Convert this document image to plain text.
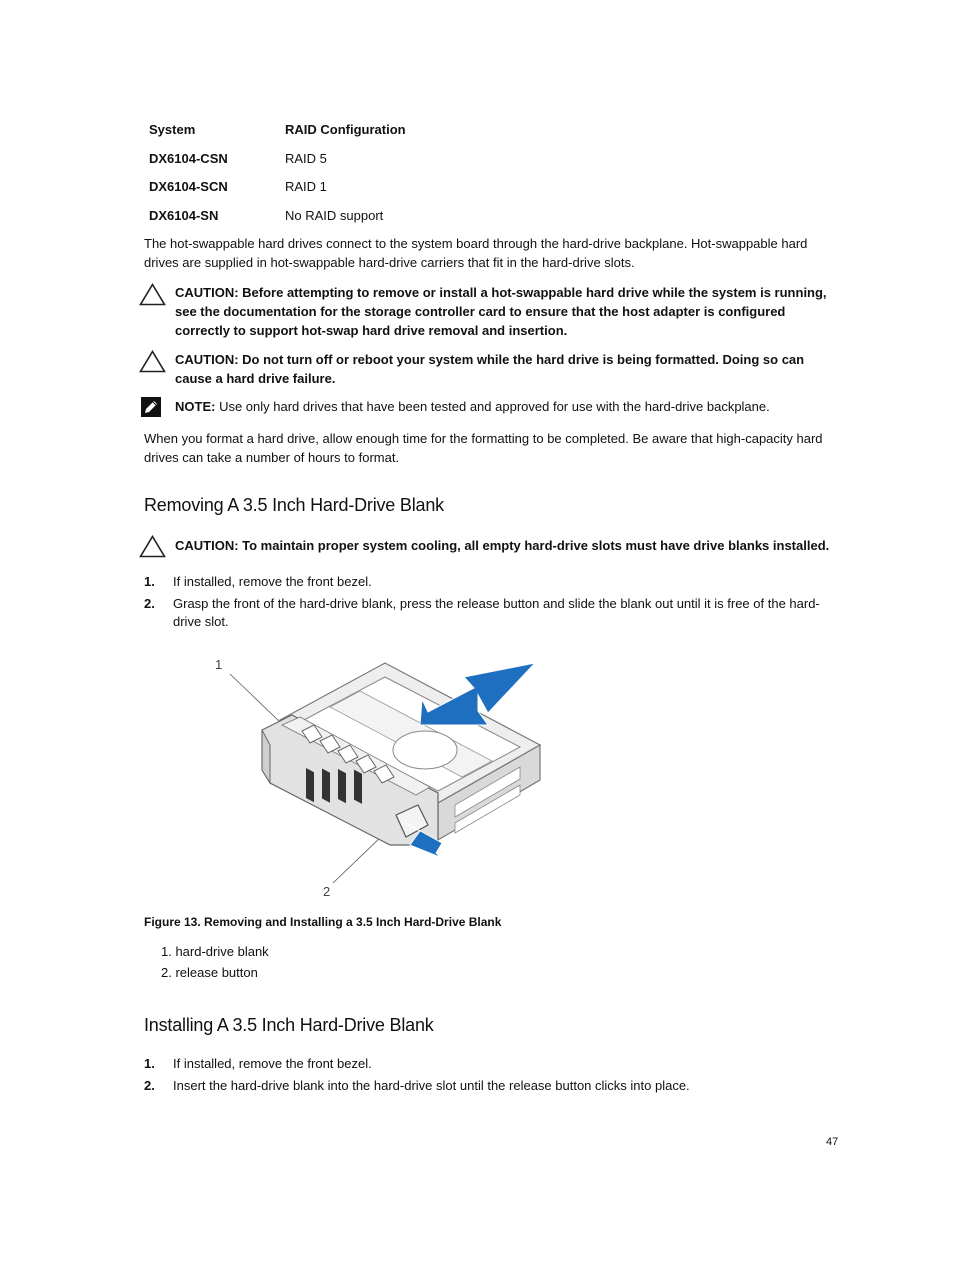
System	RAID Configuration
DX6104-CSN	RAID 5
DX6104-SCN	RAID 1
DX6104-SN	No RAID support
The hot-swappable hard drives connect to the system board through the hard-drive backplane. Hot-swappable hard drives are supplied in hot-swappable hard-drive carriers that fit in the hard-drive slots.
CAUTION: Before attempting to remove or install a hot-swappable hard drive while the system is running, see the documentation for the storage controller card to ensure that the host adapter is configured correctly to support hot-swap hard drive removal and insertion.
CAUTION: Do not turn off or reboot your system while the hard drive is being formatted. Doing so can cause a hard drive failure.
NOTE: Use only hard drives that have been tested and approved for use with the hard-drive backplane.
When you format a hard drive, allow enough time for the formatting to be completed. Be aware that high-capacity hard drives can take a number of hours to format.
Removing A 3.5 Inch Hard-Drive Blank
CAUTION: To maintain proper system cooling, all empty hard-drive slots must have drive blanks installed.
1. If installed, remove the front bezel.
2. Grasp the front of the hard-drive blank, press the release button and slide the blank out until it is free of the hard-drive slot.
1
2
Figure 13. Removing and Installing a 3.5 Inch Hard-Drive Blank
1. hard-drive blank
2. release button
Installing A 3.5 Inch Hard-Drive Blank
1. If installed, remove the front bezel.
2. Insert the hard-drive blank into the hard-drive slot until the release button clicks into place.
47
